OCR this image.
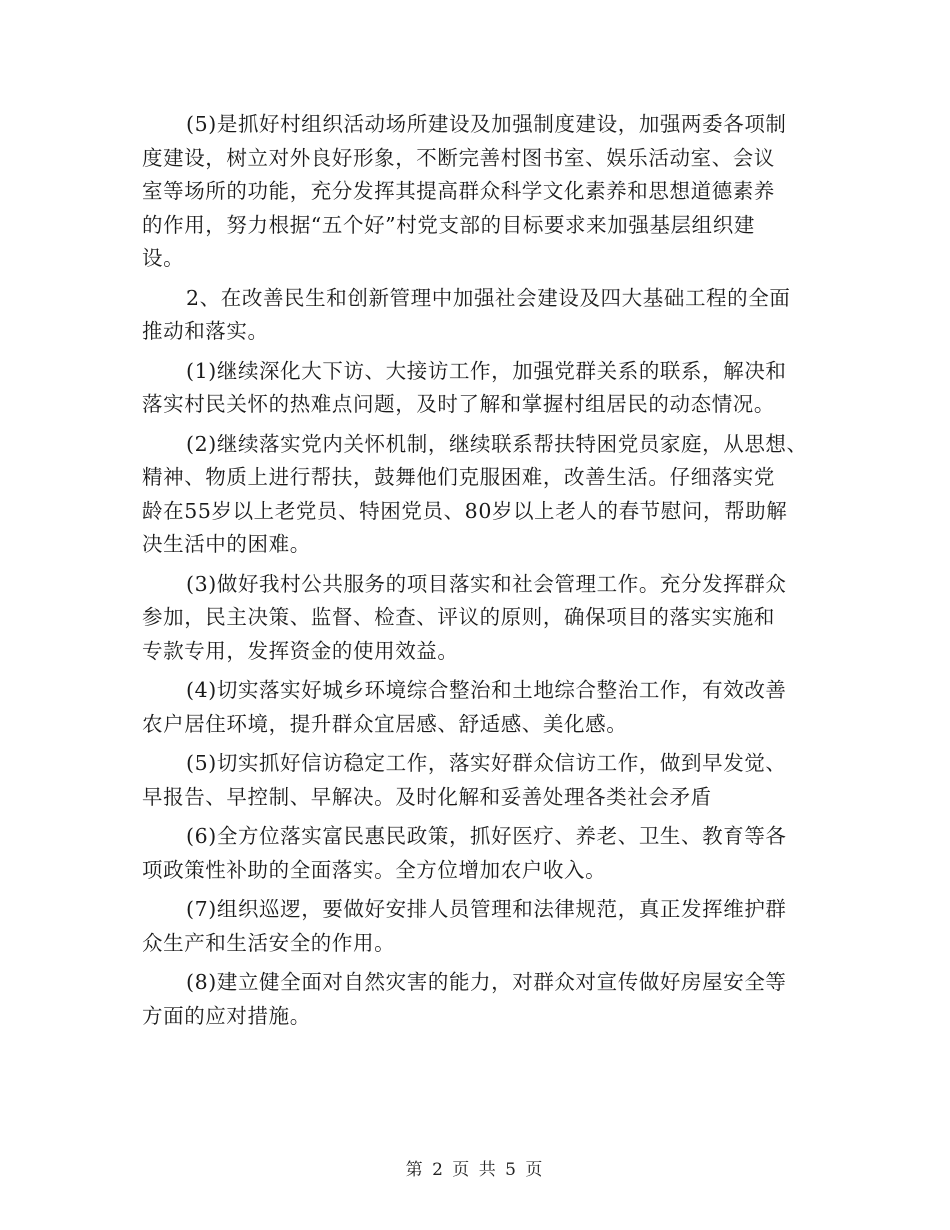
(5)是抓好村组织活动场所建设及加强制度建设，加强两委各项制
度建设，树立对外良好形象，不断完善村图书室、娱乐活动室、会议
室等场所的功能，充分发挥其提高群众科学文化素养和思想道德素养
的作用，努力根据“五个好”村党支部的目标要求来加强基层组织建
设。
2、在改善民生和创新管理中加强社会建设及四大基础工程的全面
推动和落实。
(1)继续深化大下访、大接访工作，加强党群关系的联系，解决和
落实村民关怀的热难点问题，及时了解和掌握村组居民的动态情况。
(2)继续落实党内关怀机制，继续联系帮扶特困党员家庭，从思想、
精神、物质上进行帮扶，鼓舞他们克服困难，改善生活。仔细落实党
龄在55岁以上老党员、特困党员、80岁以上老人的春节慰问，帮助解
决生活中的困难。
(3)做好我村公共服务的项目落实和社会管理工作。充分发挥群众
参加，民主决策、监督、检查、评议的原则，确保项目的落实实施和
专款专用，发挥资金的使用效益。
(4)切实落实好城乡环境综合整治和土地综合整治工作，有效改善
农户居住环境，提升群众宜居感、舒适感、美化感。
(5)切实抓好信访稳定工作，落实好群众信访工作，做到早发觉、
早报告、早控制、早解决。及时化解和妥善处理各类社会矛盾
(6)全方位落实富民惠民政策，抓好医疗、养老、卫生、教育等各
项政策性补助的全面落实。全方位增加农户收入。
(7)组织巡逻，要做好安排人员管理和法律规范，真正发挥维护群
众生产和生活安全的作用。
(8)建立健全面对自然灾害的能力，对群众对宣传做好房屋安全等
方面的应对措施。
第 2 页 共 5 页
